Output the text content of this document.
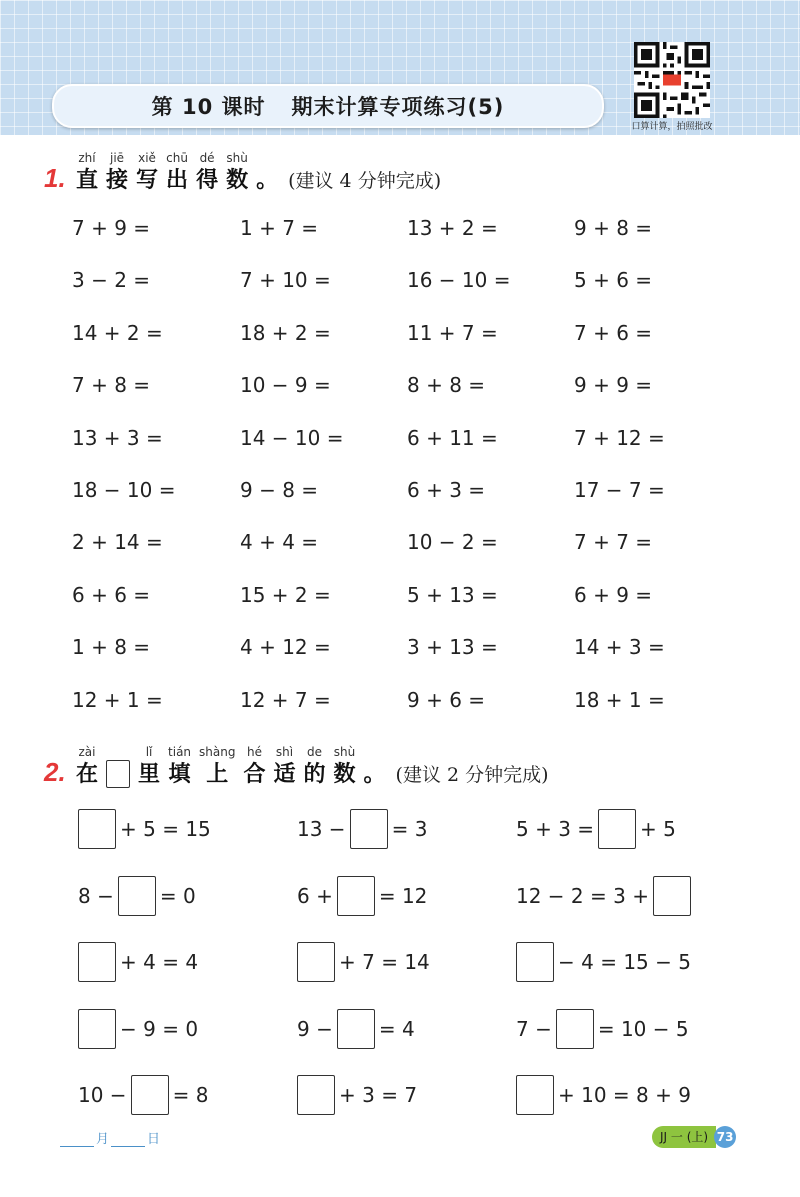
第 10 课时 期末计算专项练习(5)
口算计算，拍照批改
1.
zhí
直
jiē
接
xiě
写
chū
出
dé
得
shù
数 。 (建议 4 分钟完成)
7 + 9 =	1 + 7 =	13 + 2 =	9 + 8 =
3 − 2 =	7 + 10 =	16 − 10 =	5 + 6 =
14 + 2 =	18 + 2 =	11 + 7 =	7 + 6 =
7 + 8 =	10 − 9 =	8 + 8 =	9 + 9 =
13 + 3 =	14 − 10 =	6 + 11 =	7 + 12 =
18 − 10 =	9 − 8 =	6 + 3 =	17 − 7 =
2 + 14 =	4 + 4 =	10 − 2 =	7 + 7 =
6 + 6 =	15 + 2 =	5 + 13 =	6 + 9 =
1 + 8 =	4 + 12 =	3 + 13 =	14 + 3 =
12 + 1 =	12 + 7 =	9 + 6 =	18 + 1 =
2.
zài
在
lǐ
里
tián
填
shàng
上
hé
合
shì
适
de
的
shù
数 。 (建议 2 分钟完成)
+ 5 = 15	13 − = 3	5 + 3 = + 5
8 − = 0	6 + = 12	12 − 2 = 3 +
+ 4 = 4	+ 7 = 14	− 4 = 15 − 5
− 9 = 0	9 − = 4	7 − = 10 − 5
10 − = 8	+ 3 = 7	+ 10 = 8 + 9
月	日	JJ 一 (上) 73
